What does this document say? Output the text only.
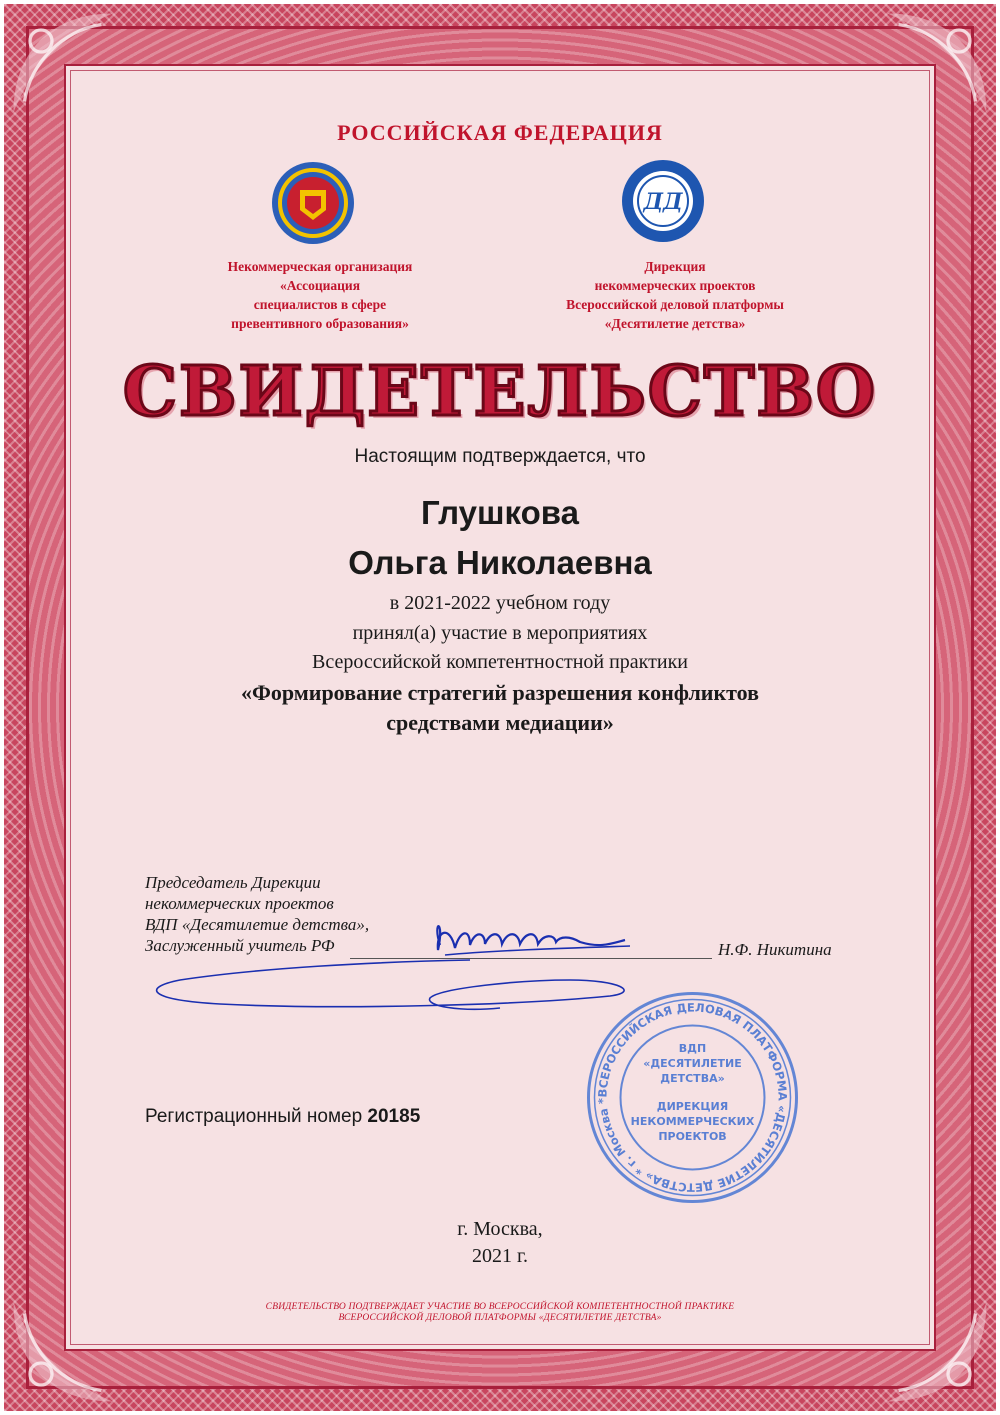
РОССИЙСКАЯ ФЕДЕРАЦИЯ
ДД
Некоммерческая организация
«Ассоциация
специалистов в сфере
превентивного образования»
Дирекция
некоммерческих проектов
Всероссийской деловой платформы
«Десятилетие детства»
СВИДЕТЕЛЬСТВО
Настоящим подтверждается, что
Глушкова
Ольга Николаевна
в 2021-2022 учебном году
принял(а) участие в мероприятиях
Всероссийской компетентностной практики
«Формирование стратегий разрешения конфликтов
средствами медиации»
Председатель Дирекции
некоммерческих проектов
ВДП «Десятилетие детства»,
Заслуженный учитель РФ	Н.Ф. Никитина
ВСЕРОССИЙСКАЯ ДЕЛОВАЯ ПЛАТФОРМА «ДЕСЯТИЛЕТИЕ ДЕТСТВА» * г. Москва *
ВДП
«ДЕСЯТИЛЕТИЕ
ДЕТСТВА»
ДИРЕКЦИЯ
НЕКОММЕРЧЕСКИХ
ПРОЕКТОВ
Регистрационный номер 20185
г. Москва,
2021 г.
СВИДЕТЕЛЬСТВО ПОДТВЕРЖДАЕТ УЧАСТИЕ ВО ВСЕРОССИЙСКОЙ КОМПЕТЕНТНОСТНОЙ ПРАКТИКЕ
ВСЕРОССИЙСКОЙ ДЕЛОВОЙ ПЛАТФОРМЫ «ДЕСЯТИЛЕТИЕ ДЕТСТВА»
